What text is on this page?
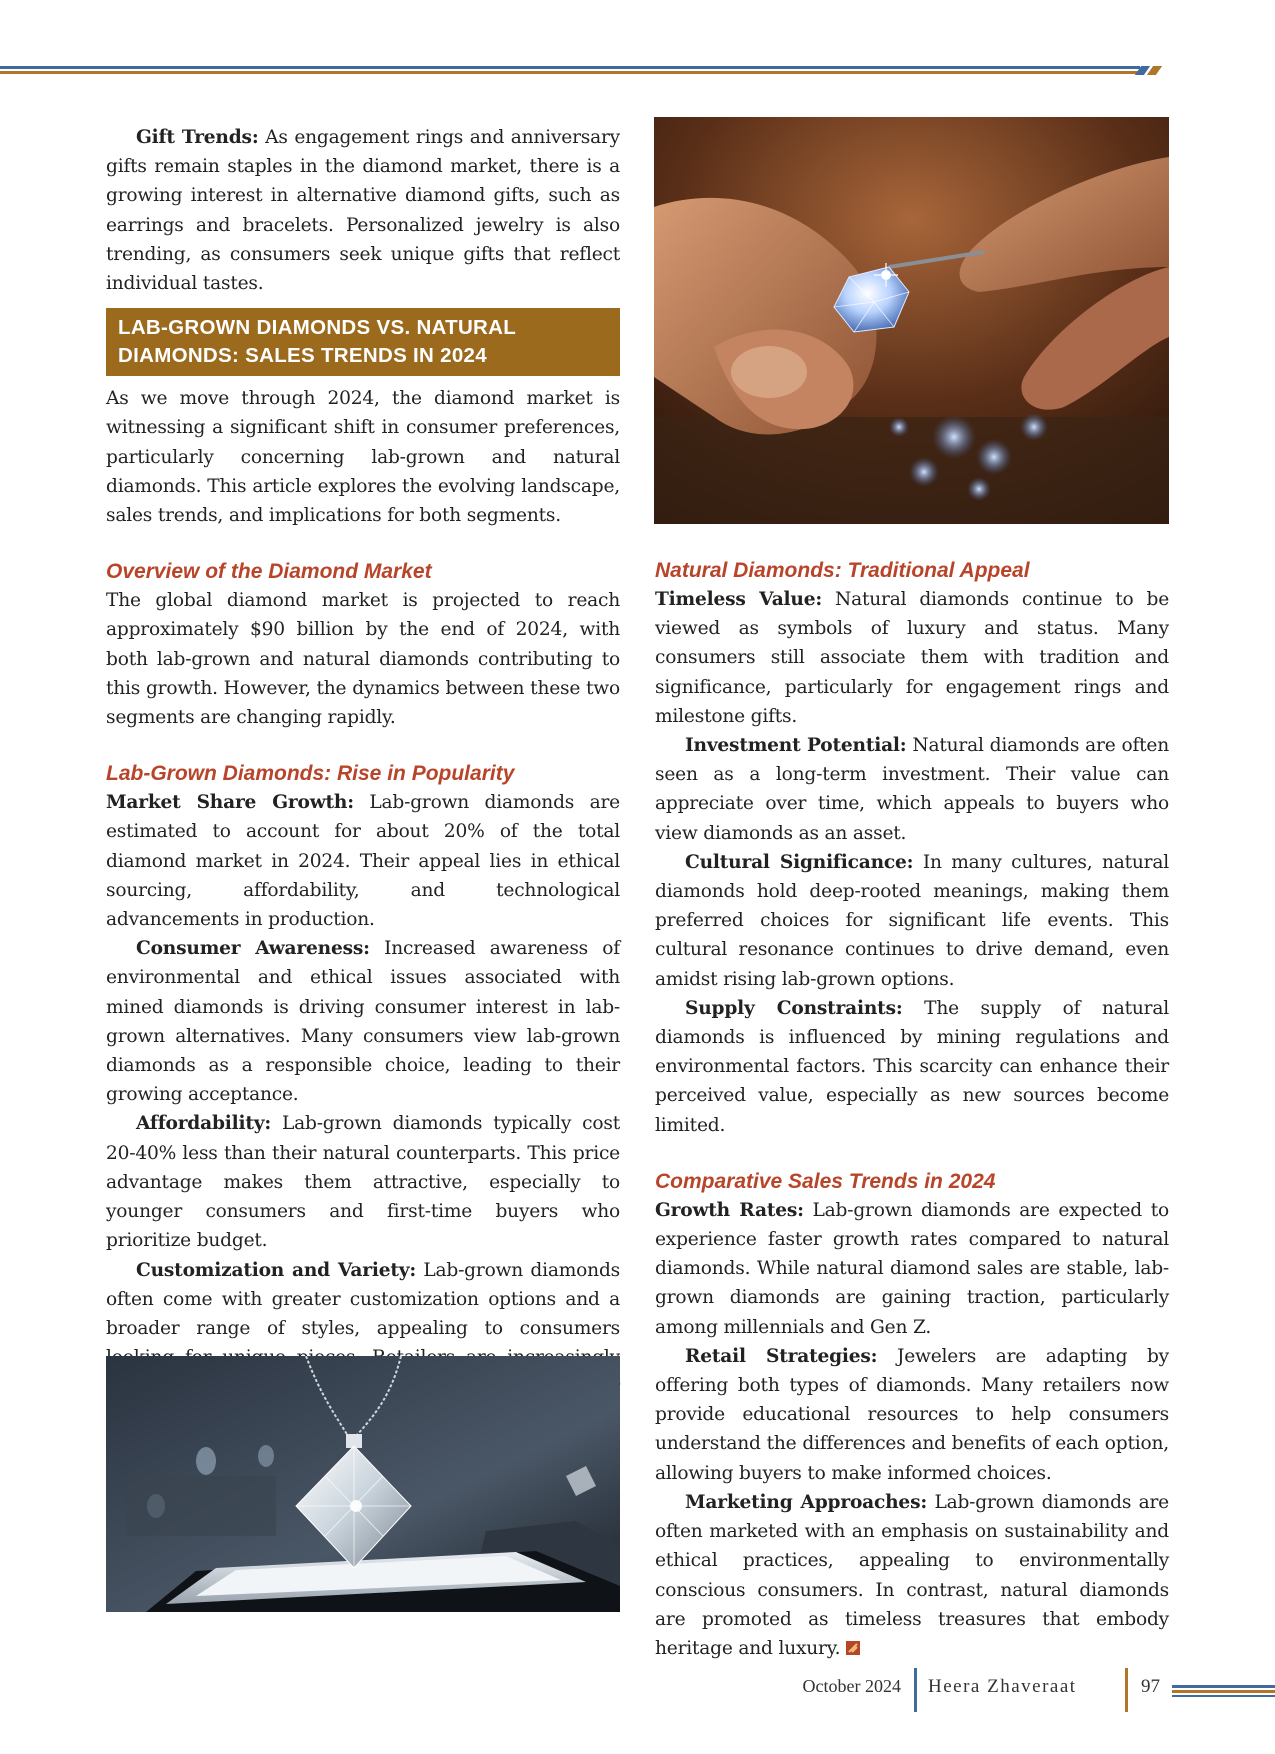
Gift Trends: As engagement rings and anniversary gifts remain staples in the diamond market, there is a growing interest in alternative diamond gifts, such as earrings and bracelets. Personalized jewelry is also trending, as consumers seek unique gifts that reflect individual tastes.

LAB-GROWN DIAMONDS VS. NATURAL
DIAMONDS: SALES TRENDS IN 2024

As we move through 2024, the diamond market is witnessing a significant shift in consumer preferences, particularly concerning lab-grown and natural diamonds. This article explores the evolving landscape, sales trends, and implications for both segments.

Overview of the Diamond Market

The global diamond market is projected to reach approximately $90 billion by the end of 2024, with both lab-grown and natural diamonds contributing to this growth. However, the dynamics between these two segments are changing rapidly.

Lab-Grown Diamonds: Rise in Popularity

Market Share Growth: Lab-grown diamonds are estimated to account for about 20% of the total diamond market in 2024. Their appeal lies in ethical sourcing, affordability, and technological advancements in production.

Consumer Awareness: Increased awareness of environmental and ethical issues associated with mined diamonds is driving consumer interest in lab-grown alternatives. Many consumers view lab-grown diamonds as a responsible choice, leading to their growing acceptance.

Affordability: Lab-grown diamonds typically cost 20-40% less than their natural counterparts. This price advantage makes them attractive, especially to younger consumers and first-time buyers who prioritize budget.

Customization and Variety: Lab-grown diamonds often come with greater customization options and a broader range of styles, appealing to consumers

Natural Diamonds: Traditional Appeal

Timeless Value: Natural diamonds continue to be viewed as symbols of luxury and status. Many consumers still associate them with tradition and significance, particularly for engagement rings and milestone gifts.

Investment Potential: Natural diamonds are often seen as a long-term investment. Their value can appreciate over time, which appeals to buyers who view diamonds as an asset.

Cultural Significance: In many cultures, natural diamonds hold deep-rooted meanings, making them preferred choices for significant life events. This cultural resonance continues to drive demand, even amidst rising lab-grown options.

Supply Constraints: The supply of natural diamonds is influenced by mining regulations and environmental factors. This scarcity can enhance their perceived value, especially as new sources become limited.

Comparative Sales Trends in 2024

Growth Rates: Lab-grown diamonds are expected to experience faster growth rates compared to natural diamonds. While natural diamond sales are stable, lab-grown diamonds are gaining traction, particularly among millennials and Gen Z.

Retail Strategies: Jewelers are adapting by offering both types of diamonds. Many retailers now provide educational resources to help consumers understand the differences and benefits of each option, allowing buyers to make informed choices.

Marketing Approaches: Lab-grown diamonds are often marketed with an emphasis on sustainability and ethical practices, appealing to environmentally conscious consumers. In contrast, natural diamonds are promoted as timeless treasures that embody heritage and luxury.

October 2024 Heera Zhaveraat	97
